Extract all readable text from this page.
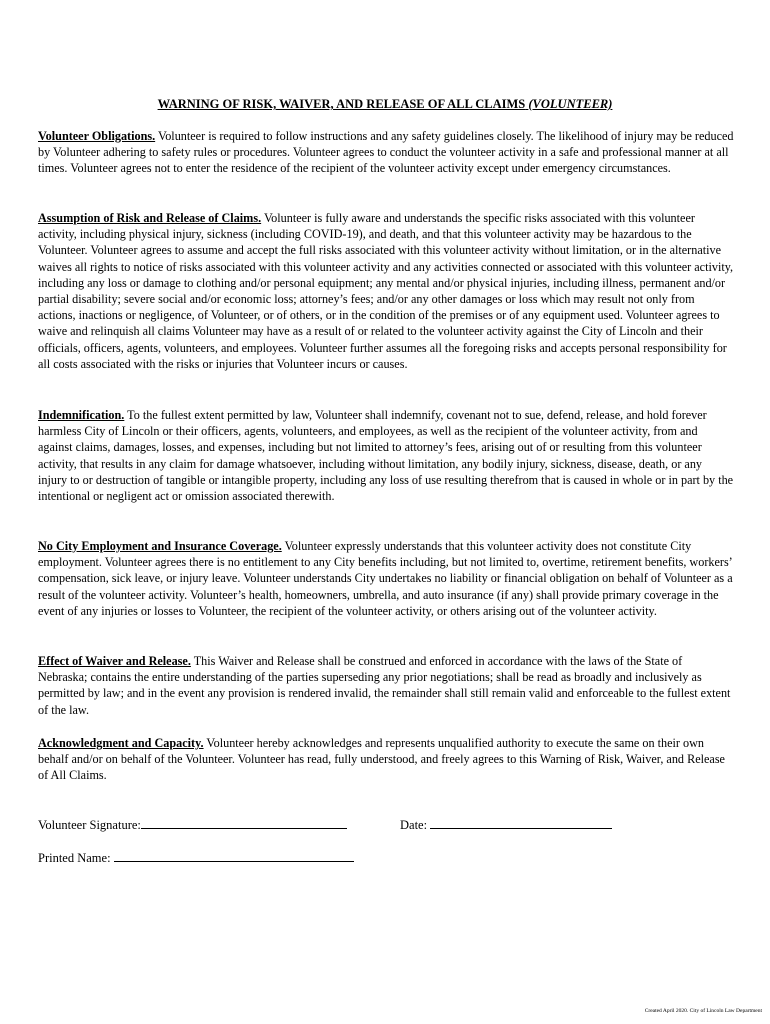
WARNING OF RISK, WAIVER, AND RELEASE OF ALL CLAIMS (VOLUNTEER)
Volunteer Obligations. Volunteer is required to follow instructions and any safety guidelines closely. The likelihood of injury may be reduced by Volunteer adhering to safety rules or procedures. Volunteer agrees to conduct the volunteer activity in a safe and professional manner at all times. Volunteer agrees not to enter the residence of the recipient of the volunteer activity except under emergency circumstances.
Assumption of Risk and Release of Claims. Volunteer is fully aware and understands the specific risks associated with this volunteer activity, including physical injury, sickness (including COVID-19), and death, and that this volunteer activity may be hazardous to the Volunteer. Volunteer agrees to assume and accept the full risks associated with this volunteer activity without limitation, or in the alternative waives all rights to notice of risks associated with this volunteer activity and any activities connected or associated with this volunteer activity, including any loss or damage to clothing and/or personal equipment; any mental and/or physical injuries, including illness, permanent and/or partial disability; severe social and/or economic loss; attorney’s fees; and/or any other damages or loss which may result not only from actions, inactions or negligence, of Volunteer, or of others, or in the condition of the premises or of any equipment used. Volunteer agrees to waive and relinquish all claims Volunteer may have as a result of or related to the volunteer activity against the City of Lincoln and their officials, officers, agents, volunteers, and employees. Volunteer further assumes all the foregoing risks and accepts personal responsibility for all costs associated with the risks or injuries that Volunteer incurs or causes.
Indemnification. To the fullest extent permitted by law, Volunteer shall indemnify, covenant not to sue, defend, release, and hold forever harmless City of Lincoln or their officers, agents, volunteers, and employees, as well as the recipient of the volunteer activity, from and against claims, damages, losses, and expenses, including but not limited to attorney’s fees, arising out of or resulting from this volunteer activity, that results in any claim for damage whatsoever, including without limitation, any bodily injury, sickness, disease, death, or any injury to or destruction of tangible or intangible property, including any loss of use resulting therefrom that is caused in whole or in part by the intentional or negligent act or omission associated therewith.
No City Employment and Insurance Coverage. Volunteer expressly understands that this volunteer activity does not constitute City employment. Volunteer agrees there is no entitlement to any City benefits including, but not limited to, overtime, retirement benefits, workers’ compensation, sick leave, or injury leave. Volunteer understands City undertakes no liability or financial obligation on behalf of Volunteer as a result of the volunteer activity. Volunteer’s health, homeowners, umbrella, and auto insurance (if any) shall provide primary coverage in the event of any injuries or losses to Volunteer, the recipient of the volunteer activity, or others arising out of the volunteer activity.
Effect of Waiver and Release. This Waiver and Release shall be construed and enforced in accordance with the laws of the State of Nebraska; contains the entire understanding of the parties superseding any prior negotiations; shall be read as broadly and inclusively as permitted by law; and in the event any provision is rendered invalid, the remainder shall still remain valid and enforceable to the fullest extent of the law.
Acknowledgment and Capacity. Volunteer hereby acknowledges and represents unqualified authority to execute the same on their own behalf and/or on behalf of the Volunteer. Volunteer has read, fully understood, and freely agrees to this Warning of Risk, Waiver, and Release of All Claims.
Volunteer Signature:	Date:
Printed Name:
Created April 2020. City of Lincoln Law Department
